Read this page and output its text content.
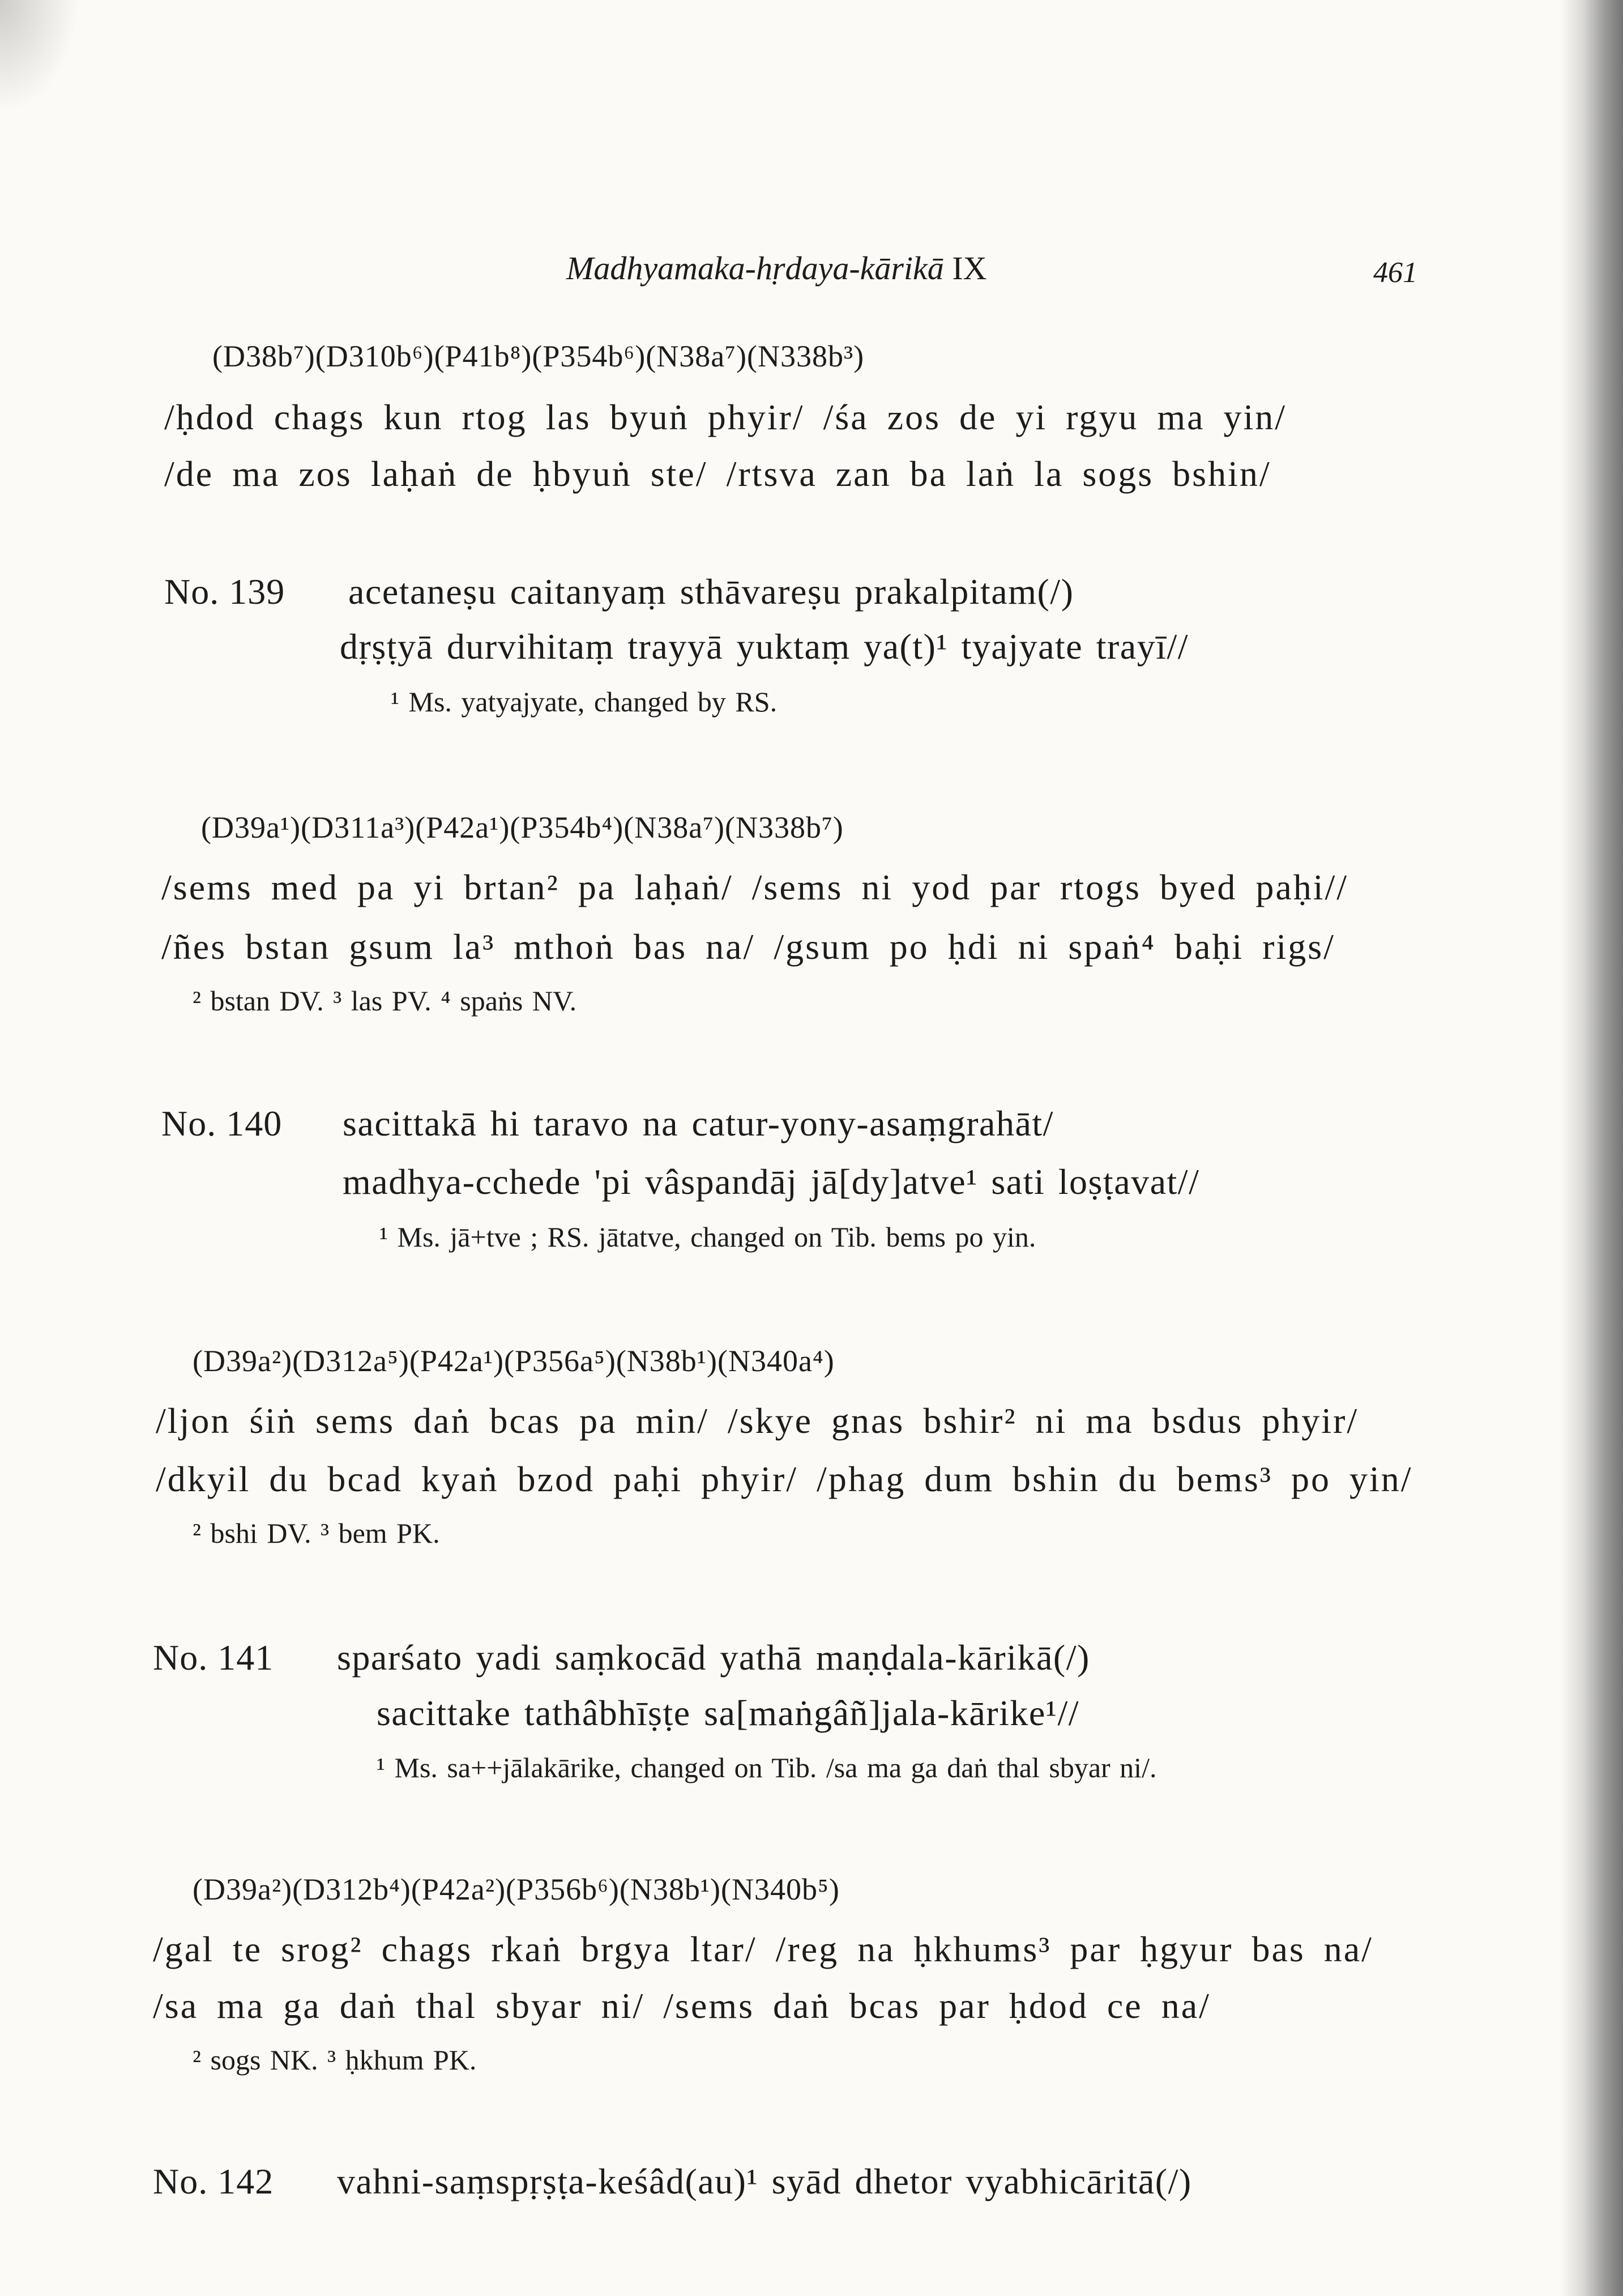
Madhyamaka-hṛdaya-kārikā IX	461
(D38b⁷)(D310b⁶)(P41b⁸)(P354b⁶)(N38a⁷)(N338b³)
/ḥdod chags kun rtog las byuṅ phyir/ /śa zos de yi rgyu ma yin/
/de ma zos laḥaṅ de ḥbyuṅ ste/ /rtsva zan ba laṅ la sogs bshin/
No. 139 acetaneṣu caitanyaṃ sthāvareṣu prakalpitam(/)
dṛṣṭyā durvihitaṃ trayyā yuktaṃ ya(t)¹ tyajyate trayī//
¹ Ms. yatyajyate, changed by RS.
(D39a¹)(D311a³)(P42a¹)(P354b⁴)(N38a⁷)(N338b⁷)
/sems med pa yi brtan² pa laḥaṅ/ /sems ni yod par rtogs byed paḥi//
/ñes bstan gsum la³ mthoṅ bas na/ /gsum po ḥdi ni spaṅ⁴ baḥi rigs/
² bstan DV. ³ las PV. ⁴ spaṅs NV.
No. 140 sacittakā hi taravo na catur-yony-asaṃgrahāt/
madhya-cchede 'pi vâspandāj jā[dy]atve¹ sati loṣṭavat//
¹ Ms. jā+tve ; RS. jātatve, changed on Tib. bems po yin.
(D39a²)(D312a⁵)(P42a¹)(P356a⁵)(N38b¹)(N340a⁴)
/ljon śiṅ sems daṅ bcas pa min/ /skye gnas bshir² ni ma bsdus phyir/
/dkyil du bcad kyaṅ bzod paḥi phyir/ /phag dum bshin du bems³ po yin/
² bshi DV. ³ bem PK.
No. 141 sparśato yadi saṃkocād yathā maṇḍala-kārikā(/)
sacittake tathâbhīṣṭe sa[maṅgâñ]jala-kārike¹//
¹ Ms. sa++jālakārike, changed on Tib. /sa ma ga daṅ thal sbyar ni/.
(D39a²)(D312b⁴)(P42a²)(P356b⁶)(N38b¹)(N340b⁵)
/gal te srog² chags rkaṅ brgya ltar/ /reg na ḥkhums³ par ḥgyur bas na/
/sa ma ga daṅ thal sbyar ni/ /sems daṅ bcas par ḥdod ce na/
² sogs NK. ³ ḥkhum PK.
No. 142 vahni-saṃspṛṣṭa-keśâd(au)¹ syād dhetor vyabhicāritā(/)
